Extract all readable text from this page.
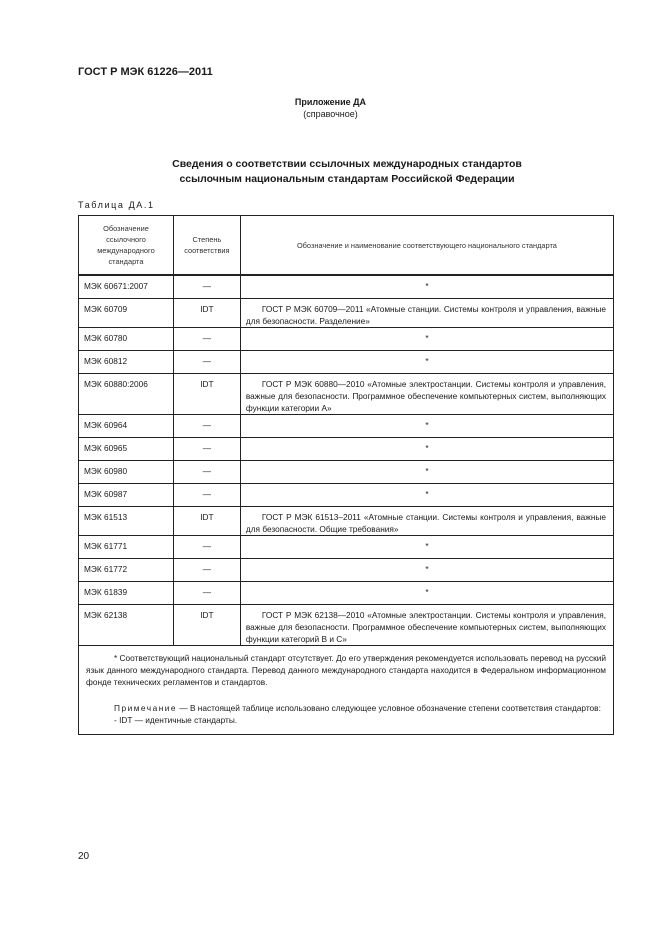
ГОСТ Р МЭК 61226—2011
Приложение ДА
(справочное)
Сведения о соответствии ссылочных международных стандартов
ссылочным национальным стандартам Российской Федерации
Таблица ДА.1
Обозначение ссылочного международного стандарта	Степень соответствия	Обозначение и наименование соответствующего национального стандарта
МЭК 60671:2007	—	*
МЭК 60709	IDT	ГОСТ Р МЭК 60709—2011 «Атомные станции. Системы контроля и управления, важные для безопасности. Разделение»
МЭК 60780	—	*
МЭК 60812	—	*
МЭК 60880:2006	IDT	ГОСТ Р МЭК 60880—2010 «Атомные электростанции. Системы контроля и управления, важные для безопасности. Программное обеспечение компьютерных систем, выполняющих функции категории А»
МЭК 60964	—	*
МЭК 60965	—	*
МЭК 60980	—	*
МЭК 60987	—	*
МЭК 61513	IDT	ГОСТ Р МЭК 61513–2011 «Атомные станции. Системы контроля и управления, важные для безопасности. Общие требования»
МЭК 61771	—	*
МЭК 61772	—	*
МЭК 61839	—	*
МЭК 62138	IDT	ГОСТ Р МЭК 62138—2010 «Атомные электростанции. Системы контроля и управления, важные для безопасности. Программное обеспечение компьютерных систем, выполняющих функции категорий В и С»

* Соответствующий национальный стандарт отсутствует. До его утверждения рекомендуется использовать перевод на русский язык данного международного стандарта. Перевод данного международного стандарта находится в Федеральном информационном фонде технических регламентов и стандартов.

Примечание — В настоящей таблице использовано следующее условное обозначение степени соответствия стандартов:

- IDT — идентичные стандарты.		

20
